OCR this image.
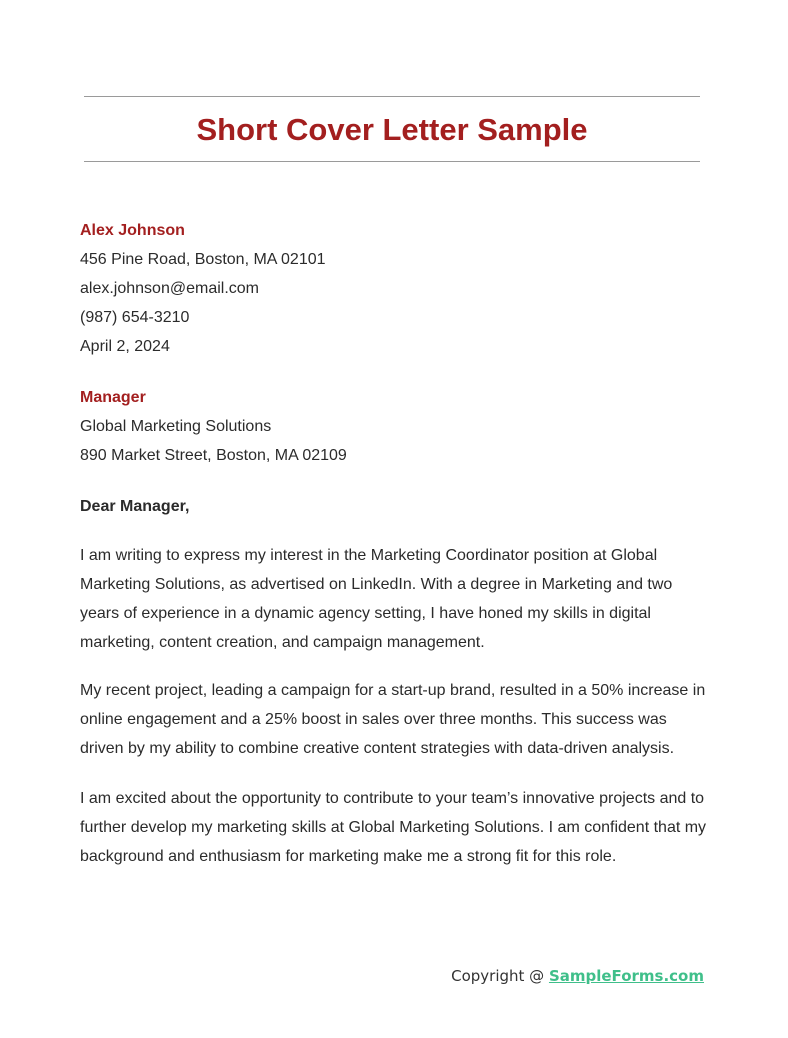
Short Cover Letter Sample

Alex Johnson

456 Pine Road, Boston, MA 02101

alex.johnson@email.com

(987) 654-3210

April 2, 2024

Manager

Global Marketing Solutions

890 Market Street, Boston, MA 02109

Dear Manager,

I am writing to express my interest in the Marketing Coordinator position at Global Marketing Solutions, as advertised on LinkedIn. With a degree in Marketing and two years of experience in a dynamic agency setting, I have honed my skills in digital marketing, content creation, and campaign management.

My recent project, leading a campaign for a start-up brand, resulted in a 50% increase in online engagement and a 25% boost in sales over three months. This success was driven by my ability to combine creative content strategies with data-driven analysis.

I am excited about the opportunity to contribute to your team’s innovative projects and to further develop my marketing skills at Global Marketing Solutions. I am confident that my background and enthusiasm for marketing make me a strong fit for this role.

Copyright @ SampleForms.com
